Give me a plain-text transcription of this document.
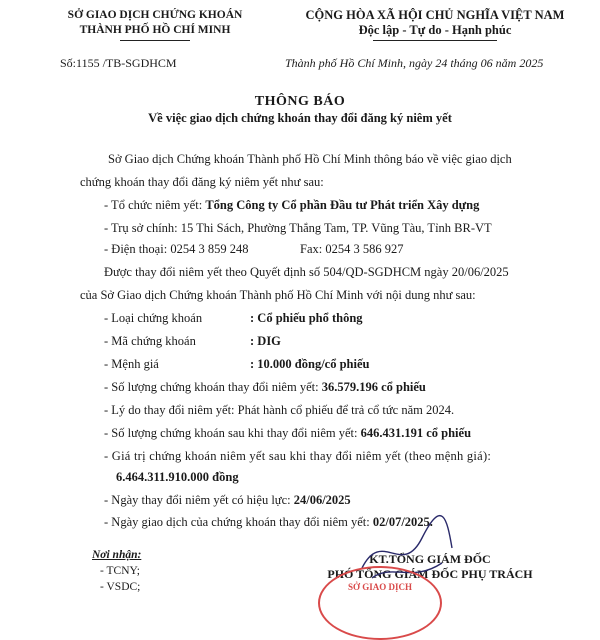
SỞ GIAO DỊCH CHỨNG KHOÁN
THÀNH PHỐ HỒ CHÍ MINH
CỘNG HÒA XÃ HỘI CHỦ NGHĨA VIỆT NAM
Độc lập - Tự do - Hạnh phúc
Số:1155 /TB-SGDHCM	Thành phố Hồ Chí Minh, ngày 24 tháng 06 năm 2025
THÔNG BÁO
Về việc giao dịch chứng khoán thay đổi đăng ký niêm yết
Sở Giao dịch Chứng khoán Thành phố Hồ Chí Minh thông báo về việc giao dịch
chứng khoán thay đổi đăng ký niêm yết như sau:
- Tổ chức niêm yết: Tổng Công ty Cổ phần Đầu tư Phát triển Xây dựng
- Trụ sở chính: 15 Thi Sách, Phường Thắng Tam, TP. Vũng Tàu, Tỉnh BR-VT
- Điện thoại: 0254 3 859 248	Fax: 0254 3 586 927
Được thay đổi niêm yết theo Quyết định số 504/QD-SGDHCM ngày 20/06/2025
của Sở Giao dịch Chứng khoán Thành phố Hồ Chí Minh với nội dung như sau:
- Loại chứng khoán	: Cổ phiếu phổ thông
- Mã chứng khoán	: DIG
- Mệnh giá	: 10.000 đồng/cổ phiếu
- Số lượng chứng khoán thay đổi niêm yết: 36.579.196 cổ phiếu
- Lý do thay đổi niêm yết: Phát hành cổ phiếu để trả cổ tức năm 2024.
- Số lượng chứng khoán sau khi thay đổi niêm yết: 646.431.191 cổ phiếu
- Giá trị chứng khoán niêm yết sau khi thay đổi niêm yết (theo mệnh giá):
6.464.311.910.000 đồng
- Ngày thay đổi niêm yết có hiệu lực: 24/06/2025
- Ngày giao dịch của chứng khoán thay đổi niêm yết: 02/07/2025.
Nơi nhận:
- TCNY;
- VSDC;
KT.TỔNG GIÁM ĐỐC
PHÓ TỔNG GIÁM ĐỐC PHỤ TRÁCH
SỞ GIAO DỊCH
